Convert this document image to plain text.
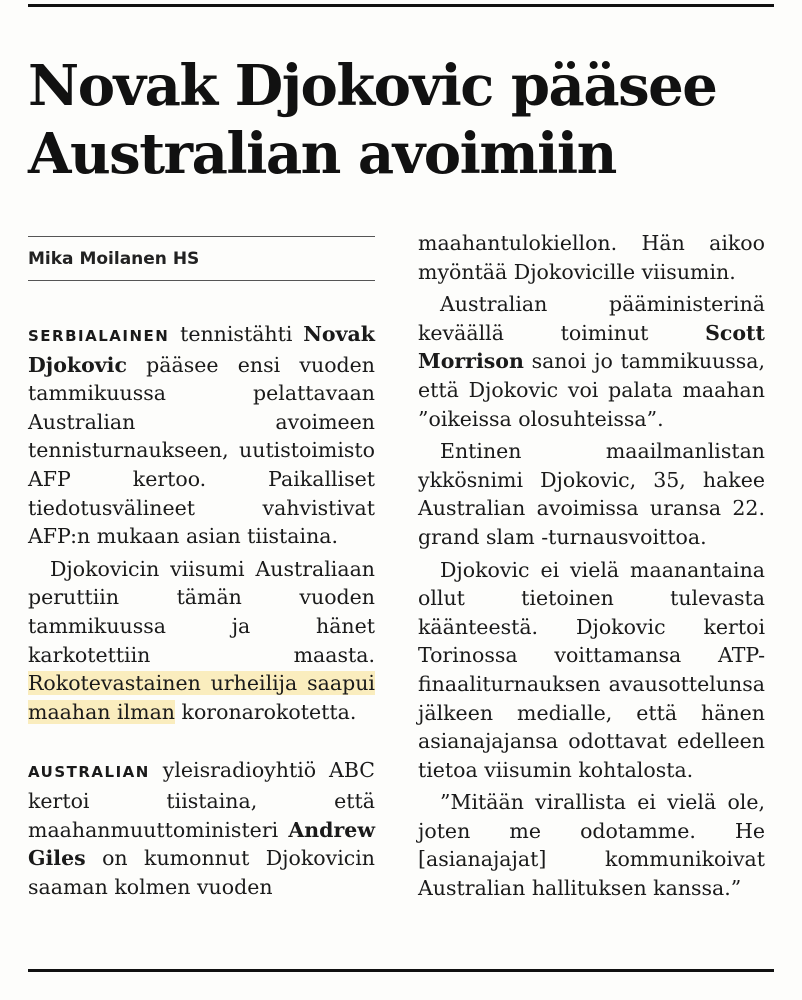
Novak Djokovic pääsee Australian avoimiin
Mika Moilanen HS

SERBIALAINEN tennistähti Novak Djokovic pääsee ensi vuoden tammikuussa pelattavaan Australian avoimeen tennisturnaukseen, uutistoimisto AFP kertoo. Paikalliset tiedotusvälineet vahvistivat AFP:n mukaan asian tiistaina.

Djokovicin viisumi Australiaan peruttiin tämän vuoden tammikuussa ja hänet karkotettiin maasta. Rokotevastainen urheilija saapui maahan ilman koronarokotetta.

AUSTRALIAN yleisradioyhtiö ABC kertoi tiistaina, että maahanmuuttoministeri Andrew Giles on kumonnut Djokovicin saaman kolmen vuoden

maahantulokiellon. Hän aikoo myöntää Djokovicille viisumin.

Australian pääministerinä keväällä toiminut Scott Morrison sanoi jo tammikuussa, että Djokovic voi palata maahan ”oikeissa olosuhteissa”.

Entinen maailmanlistan ykkösnimi Djokovic, 35, hakee Australian avoimissa uransa 22. grand slam -turnausvoittoa.

Djokovic ei vielä maanantaina ollut tietoinen tulevasta käänteestä. Djokovic kertoi Torinossa voittamansa ATP-finaaliturnauksen avausottelunsa jälkeen medialle, että hänen asianajajansa odottavat edelleen tietoa viisumin kohtalosta.

”Mitään virallista ei vielä ole, joten me odotamme. He [asianajajat] kommunikoivat Australian hallituksen kanssa.”
